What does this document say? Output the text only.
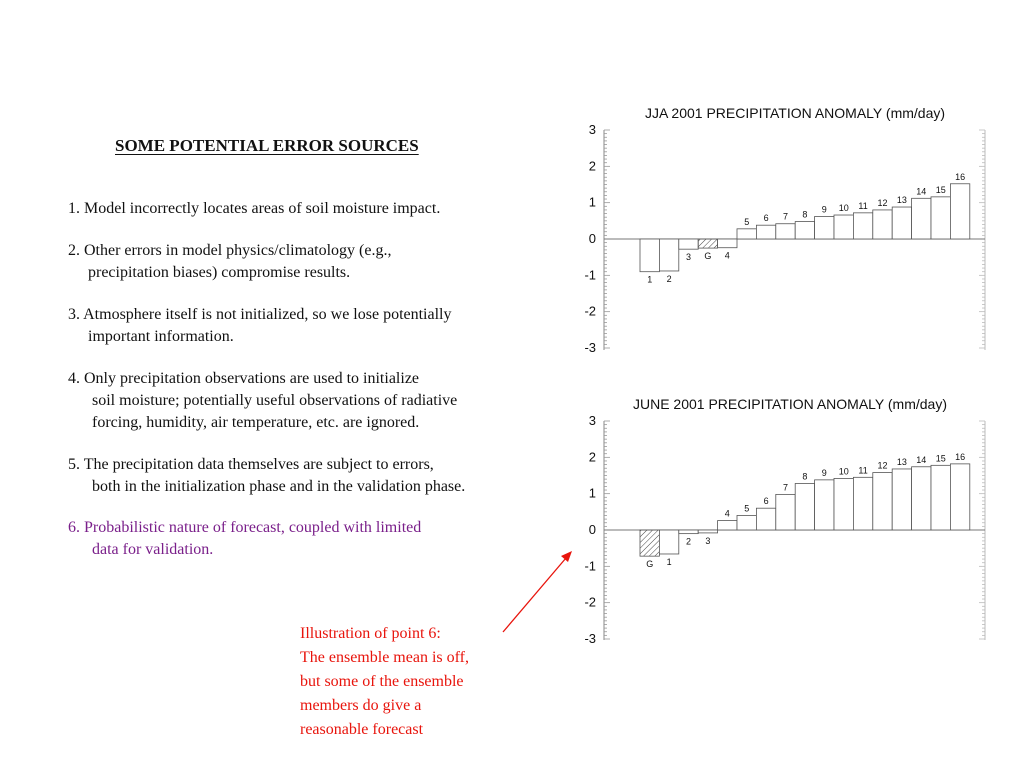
SOME POTENTIAL ERROR SOURCES
1. Model incorrectly locates areas of soil moisture impact.
2. Other errors in model physics/climatology (e.g.,
precipitation biases) compromise results.
3. Atmosphere itself is not initialized, so we lose potentially
important information.
4. Only precipitation observations are used to initialize
soil moisture; potentially useful observations of radiative
forcing, humidity, air temperature, etc. are ignored.
5. The precipitation data themselves are subject to errors,
both in the initialization phase and in the validation phase.
6. Probabilistic nature of forecast, coupled with limited
data for validation.
Illustration of point 6:
The ensemble mean is off,
but some of the ensemble
members do give a
reasonable forecast
JJA 2001 PRECIPITATION ANOMALY (mm/day)
3
2
1
0
-1
-2
-3
1 2
3 G 4
5 6 7 8
9 10 11 12 13
14 15
16
JUNE 2001 PRECIPITATION ANOMALY (mm/day)
3
2
1
0
-1
-2
-3
G 1
2 3
4
5
6
7
8 9 10 11 12 13 14 15 16
